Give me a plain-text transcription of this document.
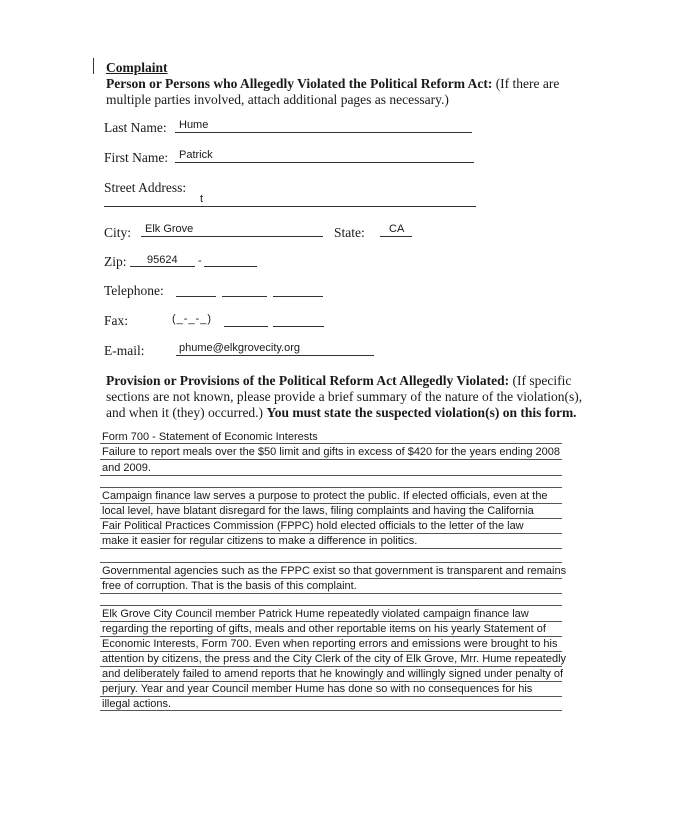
Complaint
Person or Persons who Allegedly Violated the Political Reform Act: (If there are
multiple parties involved, attach additional pages as necessary.)
Last Name: Hume
First Name: Patrick
Street Address:
t
City: Elk Grove	State: CA
Zip: 95624 -
Telephone:
Fax:	(_-_-_)
E-mail:	phume@elkgrovecity.org
Provision or Provisions of the Political Reform Act Allegedly Violated: (If specific
sections are not known, please provide a brief summary of the nature of the violation(s),
and when it (they) occurred.) You must state the suspected violation(s) on this form.
Form 700 - Statement of Economic Interests
Failure to report meals over the $50 limit and gifts in excess of $420 for the years ending 2008
and 2009.
Campaign finance law serves a purpose to protect the public. If elected officials, even at the
local level, have blatant disregard for the laws, filing complaints and having the California
Fair Political Practices Commission (FPPC) hold elected officials to the letter of the law
make it easier for regular citizens to make a difference in politics.
Governmental agencies such as the FPPC exist so that government is transparent and remains
free of corruption. That is the basis of this complaint.
Elk Grove City Council member Patrick Hume repeatedly violated campaign finance law
regarding the reporting of gifts, meals and other reportable items on his yearly Statement of
Economic Interests, Form 700. Even when reporting errors and emissions were brought to his
attention by citizens, the press and the City Clerk of the city of Elk Grove, Mrr. Hume repeatedly
and deliberately failed to amend reports that he knowingly and willingly signed under penalty of
perjury. Year and year Council member Hume has done so with no consequences for his
illegal actions.
